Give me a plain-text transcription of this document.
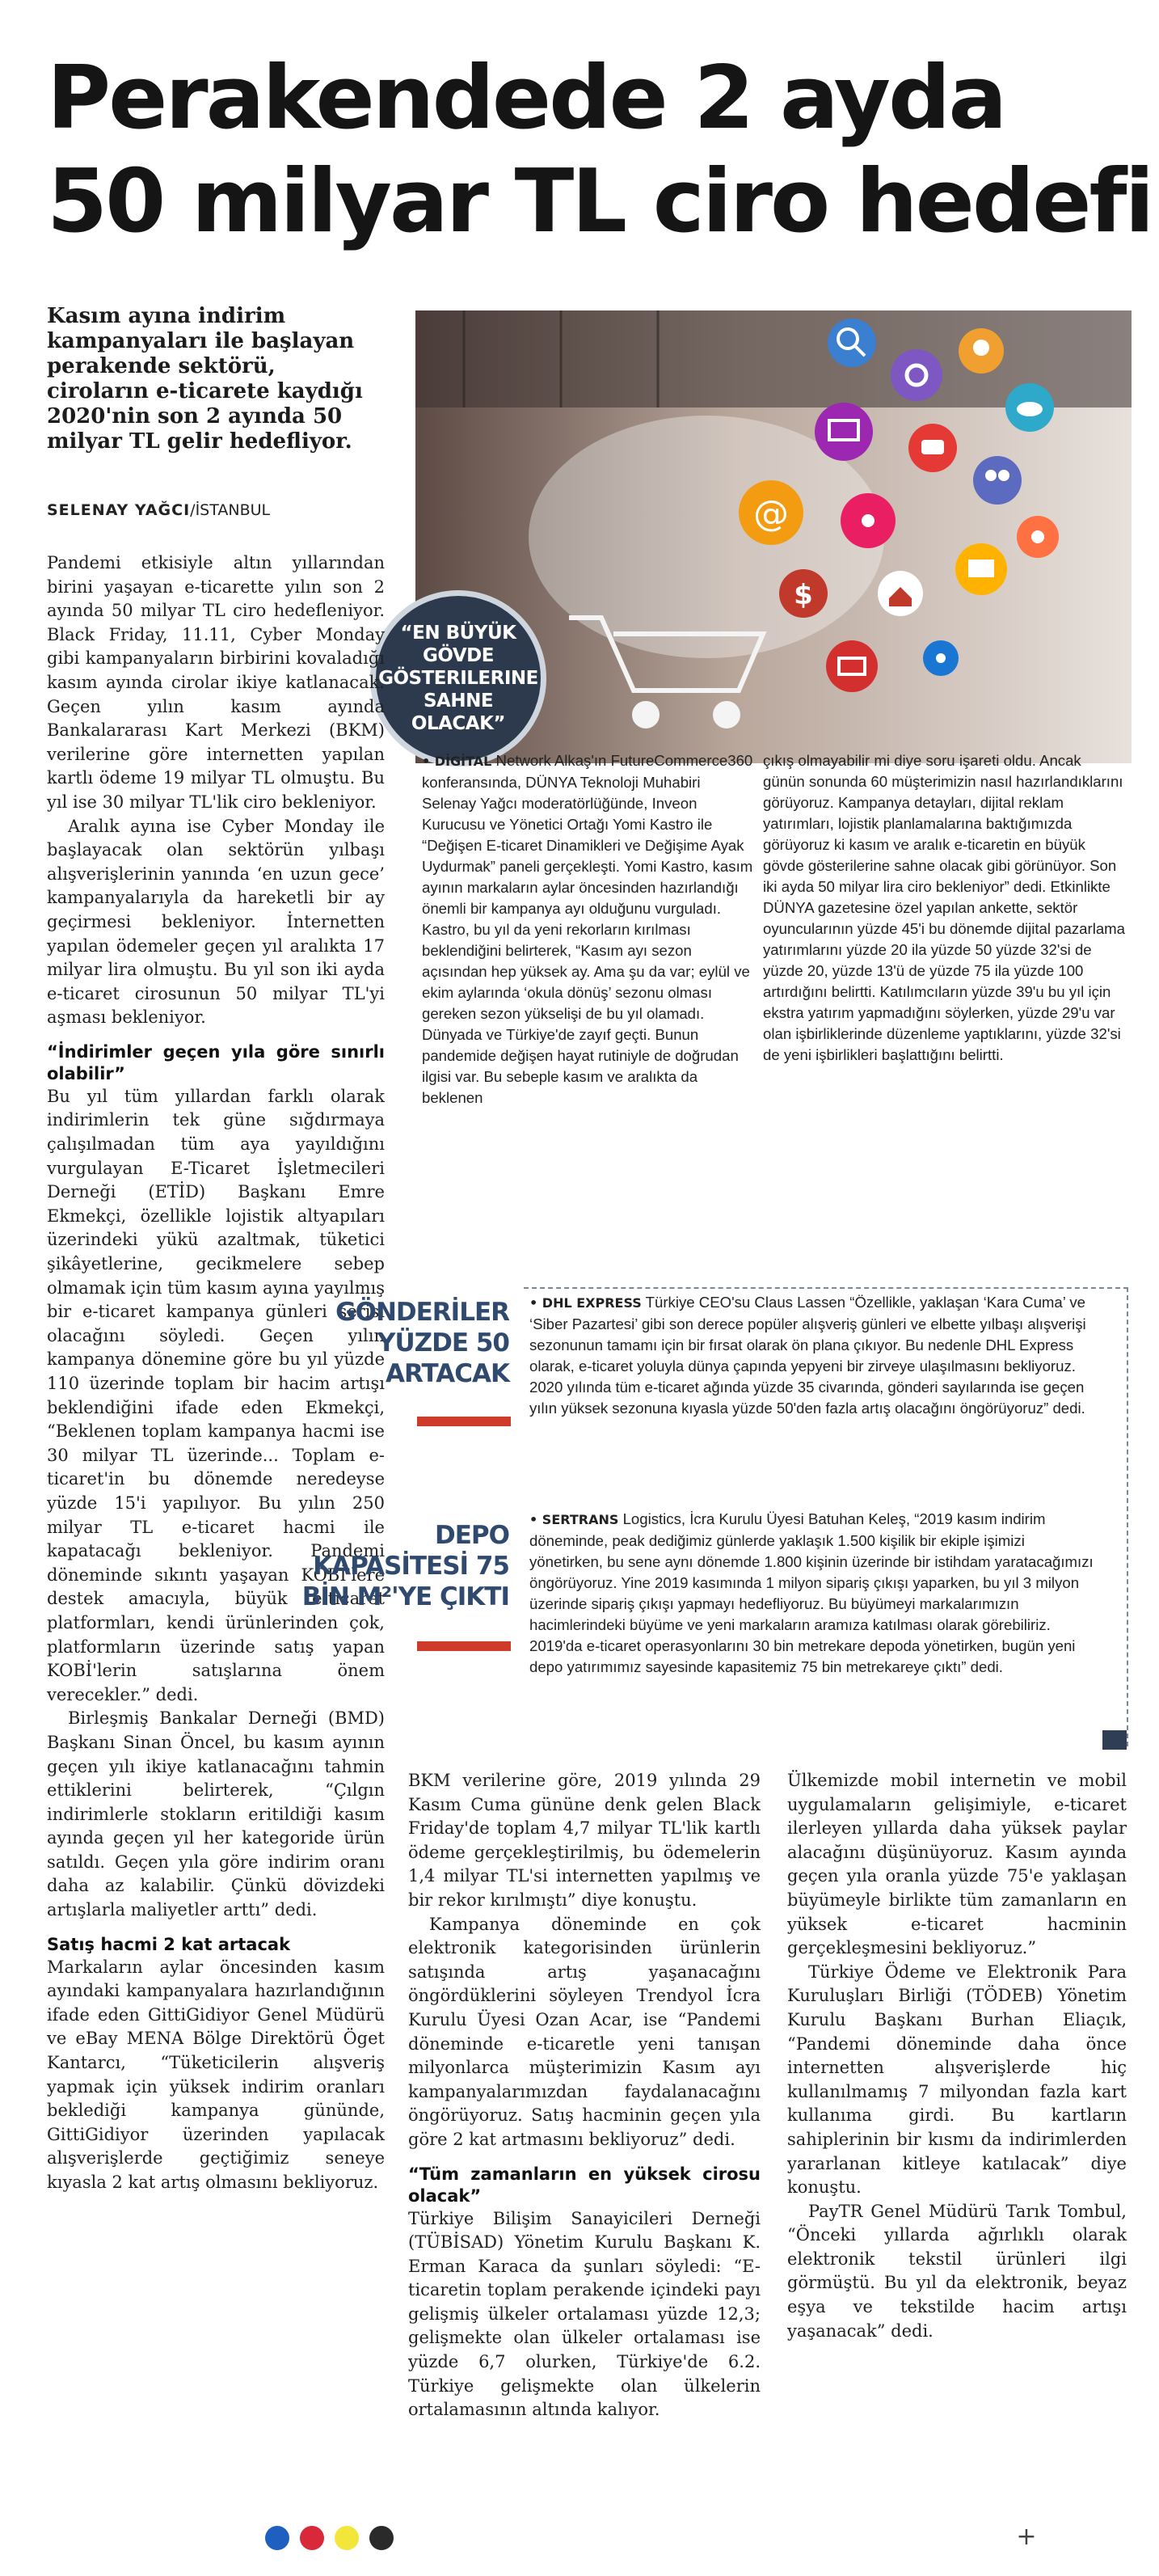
Perakendede 2 ayda
50 milyar TL ciro hedefi
Kasım ayına indirim kampanyaları ile başlayan perakende sektörü, ciroların e-ticarete kaydığı 2020'nin son 2 ayında 50 milyar TL gelir hedefliyor.
SELENAY YAĞCI/İSTANBUL	@
$
“EN BÜYÜK GÖVDE GÖSTERILERINE SAHNE OLACAK”

Pandemi etkisiyle altın yıllarından birini yaşayan e-ticarette yılın son 2 ayında 50 milyar TL ciro hedefleniyor. Black Friday, 11.11, Cyber Monday gibi kampanyaların birbirini kovaladığı kasım ayında cirolar ikiye katlanacak. Geçen yılın kasım ayında Bankalararası Kart Merkezi (BKM) verilerine göre internetten yapılan kartlı ödeme 19 milyar TL olmuştu. Bu yıl ise 30 milyar TL'lik ciro bekleniyor.

Aralık ayına ise Cyber Monday ile başlayacak olan sektörün yılbaşı alışverişlerinin yanında ‘en uzun gece’ kampanyalarıyla da hareketli bir ay geçirmesi bekleniyor. İnternetten yapılan ödemeler geçen yıl aralıkta 17 milyar lira olmuştu. Bu yıl son iki ayda e-ticaret cirosunun 50 milyar TL'yi aşması bekleniyor.

“İndirimler geçen yıla göre sınırlı olabilir”

Bu yıl tüm yıllardan farklı olarak indirimlerin tek güne sığdırmaya çalışılmadan tüm aya yayıldığını vurgulayan E-Ticaret İşletmecileri Derneği (ETİD) Başkanı Emre Ekmekçi, özellikle lojistik altyapıları üzerindeki yükü azaltmak, tüketici şikâyetlerine, gecikmelere sebep olmamak için tüm kasım ayına yayılmış bir e-ticaret kampanya günleri serisi olacağını söyledi. Geçen yılın kampanya dönemine göre bu yıl yüzde 110 üzerinde toplam bir hacim artışı beklendiğini ifade eden Ekmekçi, “Beklenen toplam kampanya hacmi ise 30 milyar TL üzerinde... Toplam e-ticaret'in bu dönemde neredeyse yüzde 15'i yapılıyor. Bu yılın 250 milyar TL e-ticaret hacmi ile kapatacağı bekleniyor. Pandemi döneminde sıkıntı yaşayan KOBİ'lere destek amacıyla, büyük e-ticaret platformları, kendi ürünlerinden çok, platformların üzerinde satış yapan KOBİ'lerin satışlarına önem verecekler.” dedi.

Birleşmiş Bankalar Derneği (BMD) Başkanı Sinan Öncel, bu kasım ayının geçen yılı ikiye katlanacağını tahmin ettiklerini belirterek, “Çılgın indirimlerle stokların eritildiği kasım ayında geçen yıl her kategoride ürün satıldı. Geçen yıla göre indirim oranı daha az kalabilir. Çünkü dövizdeki artışlarla maliyetler arttı” dedi.

Satış hacmi 2 kat artacak

Markaların aylar öncesinden kasım ayındaki kampanyalara hazırlandığının ifade eden GittiGidiyor Genel Müdürü ve eBay MENA Bölge Direktörü Öget Kantarcı, “Tüketicilerin alışveriş yapmak için yüksek indirim oranları beklediği kampanya gününde, GittiGidiyor üzerinden yapılacak alışverişlerde geçtiğimiz seneye kıyasla 2 kat artış olmasını bekliyoruz.

• DİGİTAL Network Alkaş'ın FutureCommerce360 konferansında, DÜNYA Teknoloji Muhabiri Selenay Yağcı moderatörlüğünde, Inveon Kurucusu ve Yönetici Ortağı Yomi Kastro ile “Değişen E-ticaret Dinamikleri ve Değişime Ayak Uydurmak” paneli gerçekleşti. Yomi Kastro, kasım ayının markaların aylar öncesinden hazırlandığı önemli bir kampanya ayı olduğunu vurguladı. Kastro, bu yıl da yeni rekorların kırılması beklendiğini belirterek, “Kasım ayı sezon açısından hep yüksek ay. Ama şu da var; eylül ve ekim aylarında ‘okula dönüş’ sezonu olması gereken sezon yükselişi de bu yıl olamadı. Dünyada ve Türkiye'de zayıf geçti. Bunun pandemide değişen hayat rutiniyle de doğrudan ilgisi var. Bu sebeple kasım ve aralıkta da beklenen
çıkış olmayabilir mi diye soru işareti oldu. Ancak günün sonunda 60 müşterimizin nasıl hazırlandıklarını görüyoruz. Kampanya detayları, dijital reklam yatırımları, lojistik planlamalarına baktığımızda görüyoruz ki kasım ve aralık e-ticaretin en büyük gövde gösterilerine sahne olacak gibi görünüyor. Son iki ayda 50 milyar lira ciro bekleniyor” dedi. Etkinlikte DÜNYA gazetesine özel yapılan ankette, sektör oyuncularının yüzde 45'i bu dönemde dijital pazarlama yatırımlarını yüzde 20 ila yüzde 50 yüzde 32'si de yüzde 20, yüzde 13'ü de yüzde 75 ila yüzde 100 artırdığını belirtti. Katılımcıların yüzde 39'u bu yıl için ekstra yatırım yapmadığını söylerken, yüzde 29'u var olan işbirliklerinde düzenleme yaptıklarını, yüzde 32'si de yeni işbirlikleri başlattığını belirtti.
GÖNDERİLER YÜZDE 50 ARTACAK
DEPO KAPASİTESİ 75 BİN M²'YE ÇIKTI
• DHL EXPRESS Türkiye CEO'su Claus Lassen “Özellikle, yaklaşan ‘Kara Cuma’ ve ‘Siber Pazartesi’ gibi son derece popüler alışveriş günleri ve elbette yılbaşı alışverişi sezonunun tamamı için bir fırsat olarak ön plana çıkıyor. Bu nedenle DHL Express olarak, e-ticaret yoluyla dünya çapında yepyeni bir zirveye ulaşılmasını bekliyoruz. 2020 yılında tüm e-ticaret ağında yüzde 35 civarında, gönderi sayılarında ise geçen yılın yüksek sezonuna kıyasla yüzde 50'den fazla artış olacağını öngörüyoruz” dedi.
• SERTRANS Logistics, İcra Kurulu Üyesi Batuhan Keleş, “2019 kasım indirim döneminde, peak dediğimiz günlerde yaklaşık 1.500 kişilik bir ekiple işimizi yönetirken, bu sene aynı dönemde 1.800 kişinin üzerinde bir istihdam yaratacağımızı öngörüyoruz. Yine 2019 kasımında 1 milyon sipariş çıkışı yaparken, bu yıl 3 milyon üzerinde sipariş çıkışı yapmayı hedefliyoruz. Bu büyümeyi markalarımızın hacimlerindeki büyüme ve yeni markaların aramıza katılması olarak görebiliriz. 2019'da e-ticaret operasyonlarını 30 bin metrekare depoda yönetirken, bugün yeni depo yatırımımız sayesinde kapasitemiz 75 bin metrekareye çıktı” dedi.

BKM verilerine göre, 2019 yılında 29 Kasım Cuma gününe denk gelen Black Friday'de toplam 4,7 milyar TL'lik kartlı ödeme gerçekleştirilmiş, bu ödemelerin 1,4 milyar TL'si internetten yapılmış ve bir rekor kırılmıştı” diye konuştu.

Kampanya döneminde en çok elektronik kategorisinden ürünlerin satışında artış yaşanacağını öngördüklerini söyleyen Trendyol İcra Kurulu Üyesi Ozan Acar, ise “Pandemi döneminde e-ticaretle yeni tanışan milyonlarca müşterimizin Kasım ayı kampanyalarımızdan faydalanacağını öngörüyoruz. Satış hacminin geçen yıla göre 2 kat artmasını bekliyoruz” dedi.

“Tüm zamanların en yüksek cirosu olacak”

Türkiye Bilişim Sanayicileri Derneği (TÜBİSAD) Yönetim Kurulu Başkanı K. Erman Karaca da şunları söyledi: “E-ticaretin toplam perakende içindeki payı gelişmiş ülkeler ortalaması yüzde 12,3; gelişmekte olan ülkeler ortalaması ise yüzde 6,7 olurken, Türkiye'de 6.2. Türkiye gelişmekte olan ülkelerin ortalamasının altında kalıyor.

Ülkemizde mobil internetin ve mobil uygulamaların gelişimiyle, e-ticaret ilerleyen yıllarda daha yüksek paylar alacağını düşünüyoruz. Kasım ayında geçen yıla oranla yüzde 75'e yaklaşan büyümeyle birlikte tüm zamanların en yüksek e-ticaret hacminin gerçekleşmesini bekliyoruz.”

Türkiye Ödeme ve Elektronik Para Kuruluşları Birliği (TÖDEB) Yönetim Kurulu Başkanı Burhan Eliaçık, “Pandemi döneminde daha önce internetten alışverişlerde hiç kullanılmamış 7 milyondan fazla kart kullanıma girdi. Bu kartların sahiplerinin bir kısmı da indirimlerden yararlanan kitleye katılacak” diye konuştu.

PayTR Genel Müdürü Tarık Tombul, “Önceki yıllarda ağırlıklı olarak elektronik tekstil ürünleri ilgi görmüştü. Bu yıl da elektronik, beyaz eşya ve tekstilde hacim artışı yaşanacak” dedi.

+
